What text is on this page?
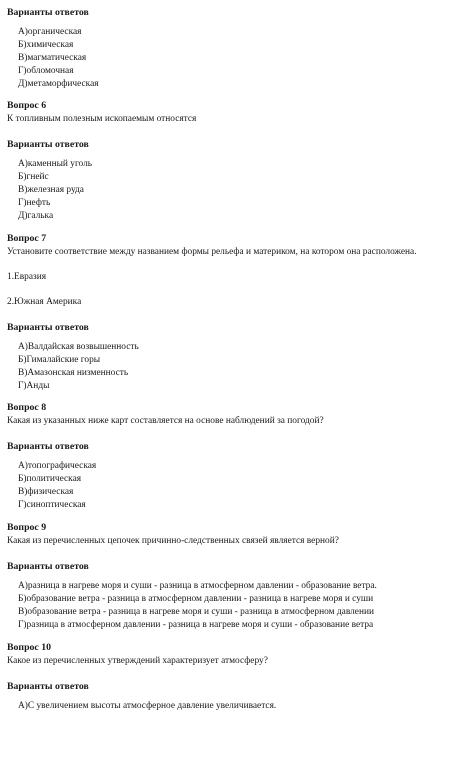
Варианты ответов
А)органическая
Б)химическая
В)магматическая
Г)обломочная
Д)метаморфическая
Вопрос 6
К топливным полезным ископаемым относятся
Варианты ответов
А)каменный уголь
Б)гнейс
В)железная руда
Г)нефть
Д)галька
Вопрос 7
Установите соответствие между названием формы рельефа и материком, на котором она расположена.
1.Евразия
2.Южная Америка
Варианты ответов
А)Валдайская возвышенность
Б)Гималайские горы
В)Амазонская низменность
Г)Анды
Вопрос 8
Какая из указанных ниже карт составляется на основе наблюдений за погодой?
Варианты ответов
А)топографическая
Б)политическая
В)физическая
Г)синоптическая
Вопрос 9
Какая из перечисленных цепочек причинно-следственных связей является верной?
Варианты ответов
А)разница в нагреве моря и суши - разница в атмосферном давлении - образование ветра.
Б)образование ветра - разница в атмосферном давлении - разница в нагреве моря и суши
В)образование ветра - разница в нагреве моря и суши - разница в атмосферном давлении
Г)разница в атмосферном давлении - разница в нагреве моря и суши - образование ветра
Вопрос 10
Какое из перечисленных утверждений характеризует атмосферу?
Варианты ответов
А)С увеличением высоты атмосферное давление увеличивается.
